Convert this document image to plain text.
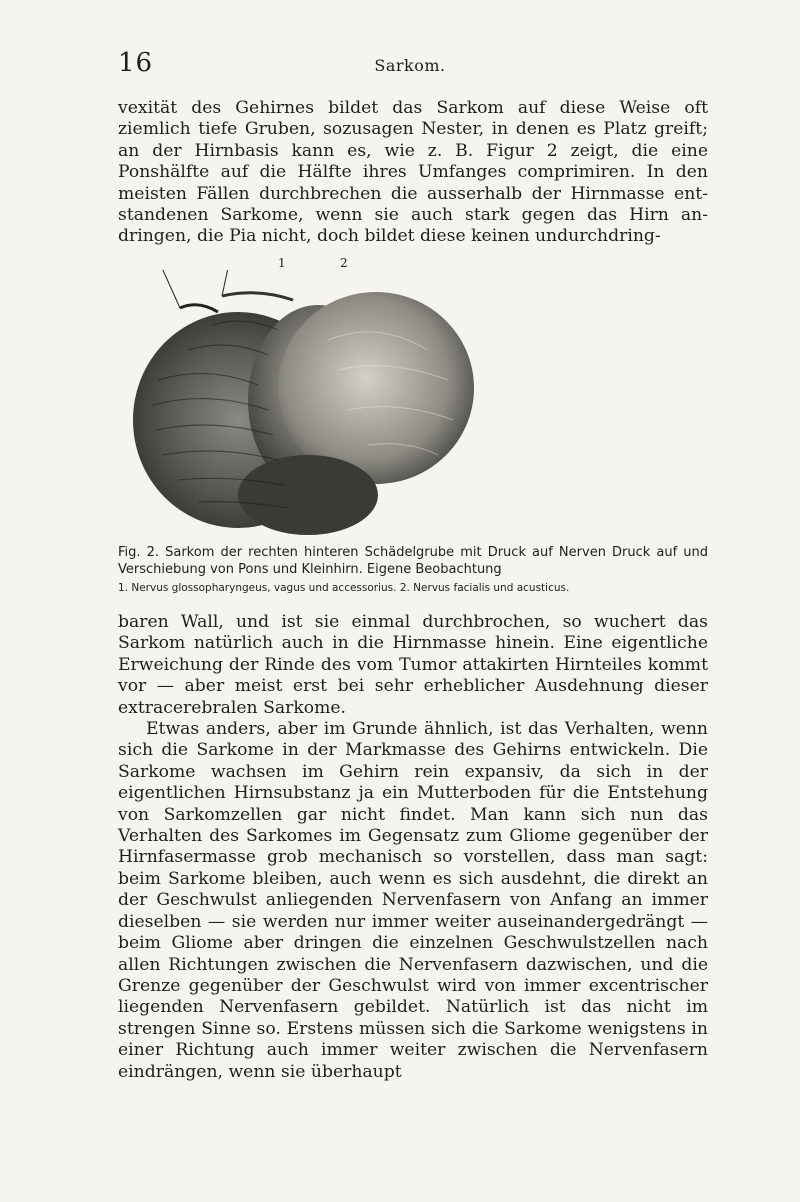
16	Sarkom.

vexität des Gehirnes bildet das Sarkom auf diese Weise oft ziemlich tiefe Gruben, sozusagen Nester, in denen es Platz greift; an der Hirnbasis kann es, wie z. B. Figur 2 zeigt, die eine Ponshälfte auf die Hälfte ihres Umfanges comprimiren. In den meisten Fällen durchbrechen die ausserhalb der Hirnmasse entstandenen Sarkome, wenn sie auch stark gegen das Hirn andringen, die Pia nicht, doch bildet diese keinen undurchdring-

1	2
Fig. 2. Sarkom der rechten hinteren Schädelgrube mit Druck auf Nerven Druck auf und Verschiebung von Pons und Kleinhirn. Eigene Beobachtung
1. Nervus glossopharyngeus, vagus und accessorius. 2. Nervus facialis und acusticus.

baren Wall, und ist sie einmal durchbrochen, so wuchert das Sarkom natürlich auch in die Hirnmasse hinein. Eine eigentliche Erweichung der Rinde des vom Tumor attakirten Hirnteiles kommt vor — aber meist erst bei sehr erheblicher Ausdehnung dieser extracerebralen Sarkome.

Etwas anders, aber im Grunde ähnlich, ist das Verhalten, wenn sich die Sarkome in der Markmasse des Gehirns entwickeln. Die Sarkome wachsen im Gehirn rein expansiv, da sich in der eigentlichen Hirnsubstanz ja ein Mutterboden für die Entstehung von Sarkomzellen gar nicht findet. Man kann sich nun das Verhalten des Sarkomes im Gegensatz zum Gliome gegenüber der Hirnfasermasse grob mechanisch so vorstellen, dass man sagt: beim Sarkome bleiben, auch wenn es sich ausdehnt, die direkt an der Geschwulst anliegenden Nervenfasern von Anfang an immer dieselben — sie werden nur immer weiter auseinandergedrängt — beim Gliome aber dringen die einzelnen Geschwulstzellen nach allen Richtungen zwischen die Nervenfasern dazwischen, und die Grenze gegenüber der Geschwulst wird von immer excentrischer liegenden Nervenfasern gebildet. Natürlich ist das nicht im strengen Sinne so. Erstens müssen sich die Sarkome wenigstens in einer Richtung auch immer weiter zwischen die Nervenfasern eindrängen, wenn sie überhaupt
